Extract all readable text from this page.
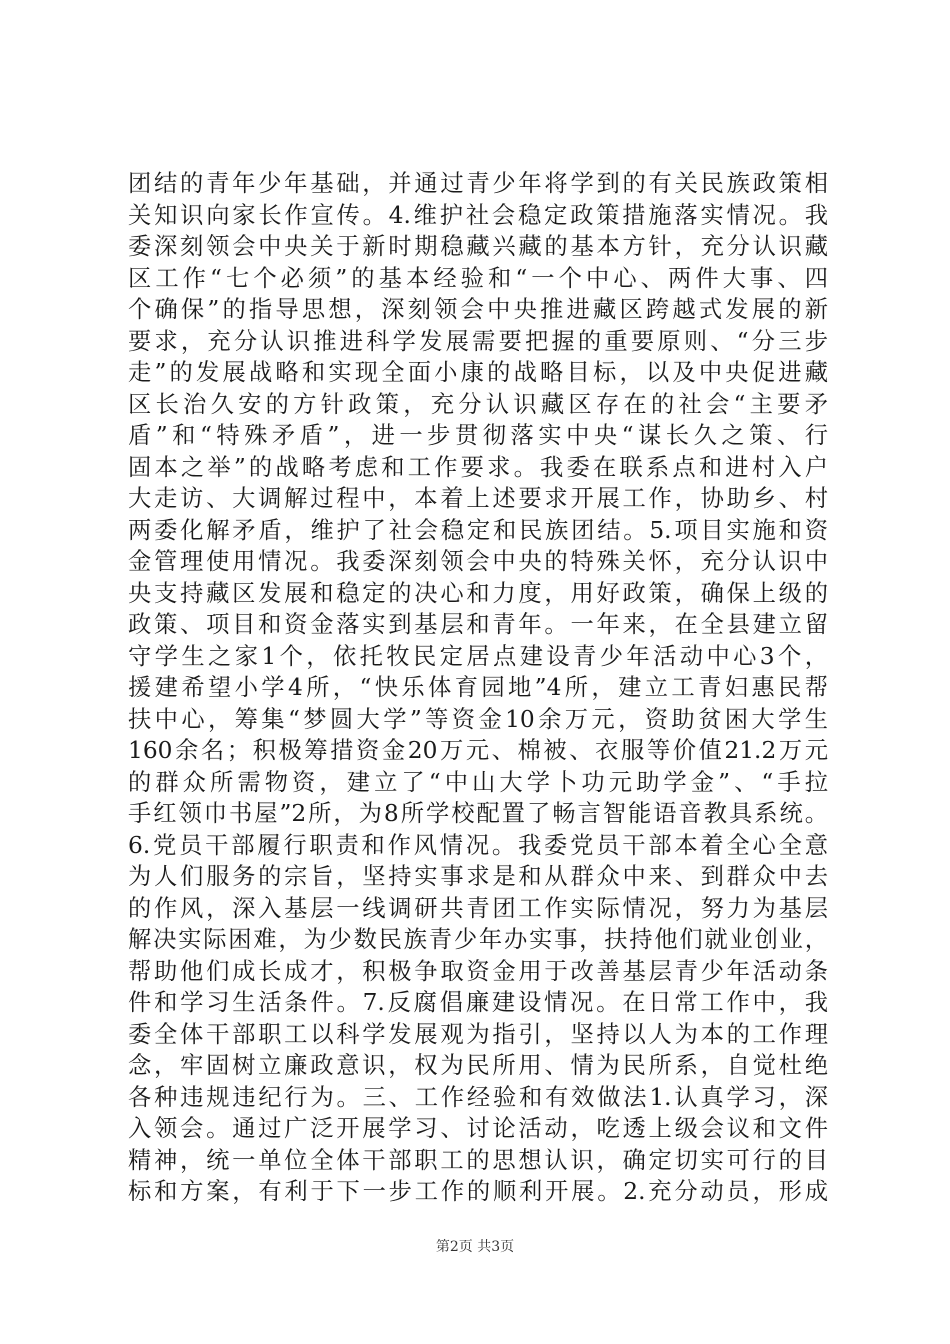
团结的青年少年基础，并通过青少年将学到的有关民族政策相
关知识向家长作宣传。4.维护社会稳定政策措施落实情况。我
委深刻领会中央关于新时期稳藏兴藏的基本方针，充分认识藏
区工作“七个必须”的基本经验和“一个中心、两件大事、四
个确保”的指导思想，深刻领会中央推进藏区跨越式发展的新
要求，充分认识推进科学发展需要把握的重要原则、“分三步
走”的发展战略和实现全面小康的战略目标，以及中央促进藏
区长治久安的方针政策，充分认识藏区存在的社会“主要矛
盾”和“特殊矛盾”，进一步贯彻落实中央“谋长久之策、行
固本之举”的战略考虑和工作要求。我委在联系点和进村入户
大走访、大调解过程中，本着上述要求开展工作，协助乡、村
两委化解矛盾，维护了社会稳定和民族团结。5.项目实施和资
金管理使用情况。我委深刻领会中央的特殊关怀，充分认识中
央支持藏区发展和稳定的决心和力度，用好政策，确保上级的
政策、项目和资金落实到基层和青年。一年来，在全县建立留
守学生之家1个，依托牧民定居点建设青少年活动中心3个，
援建希望小学4所，“快乐体育园地”4所，建立工青妇惠民帮
扶中心，筹集“梦圆大学”等资金10余万元，资助贫困大学生
160余名；积极筹措资金20万元、棉被、衣服等价值21.2万元
的群众所需物资，建立了“中山大学卜功元助学金”、“手拉
手红领巾书屋”2所，为8所学校配置了畅言智能语音教具系统。
6.党员干部履行职责和作风情况。我委党员干部本着全心全意
为人们服务的宗旨，坚持实事求是和从群众中来、到群众中去
的作风，深入基层一线调研共青团工作实际情况，努力为基层
解决实际困难，为少数民族青少年办实事，扶持他们就业创业，
帮助他们成长成才，积极争取资金用于改善基层青少年活动条
件和学习生活条件。7.反腐倡廉建设情况。在日常工作中，我
委全体干部职工以科学发展观为指引，坚持以人为本的工作理
念，牢固树立廉政意识，权为民所用、情为民所系，自觉杜绝
各种违规违纪行为。三、工作经验和有效做法1.认真学习，深
入领会。通过广泛开展学习、讨论活动，吃透上级会议和文件
精神，统一单位全体干部职工的思想认识，确定切实可行的目
标和方案，有利于下一步工作的顺利开展。2.充分动员，形成
第2页 共3页
